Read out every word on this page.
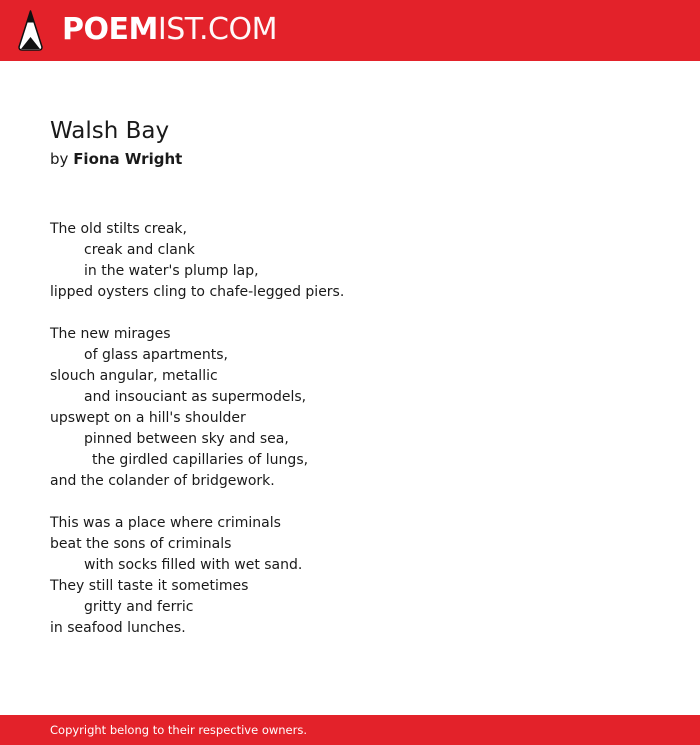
POEMIST.COM
Walsh Bay
by Fiona Wright
The old stilts creak,
creak and clank
in the water's plump lap,
lipped oysters cling to chafe-legged piers.
The new mirages
of glass apartments,
slouch angular, metallic
and insouciant as supermodels,
upswept on a hill's shoulder
pinned between sky and sea,
the girdled capillaries of lungs,
and the colander of bridgework.
This was a place where criminals
beat the sons of criminals
with socks filled with wet sand.
They still taste it sometimes
gritty and ferric
in seafood lunches.
Copyright belong to their respective owners.
